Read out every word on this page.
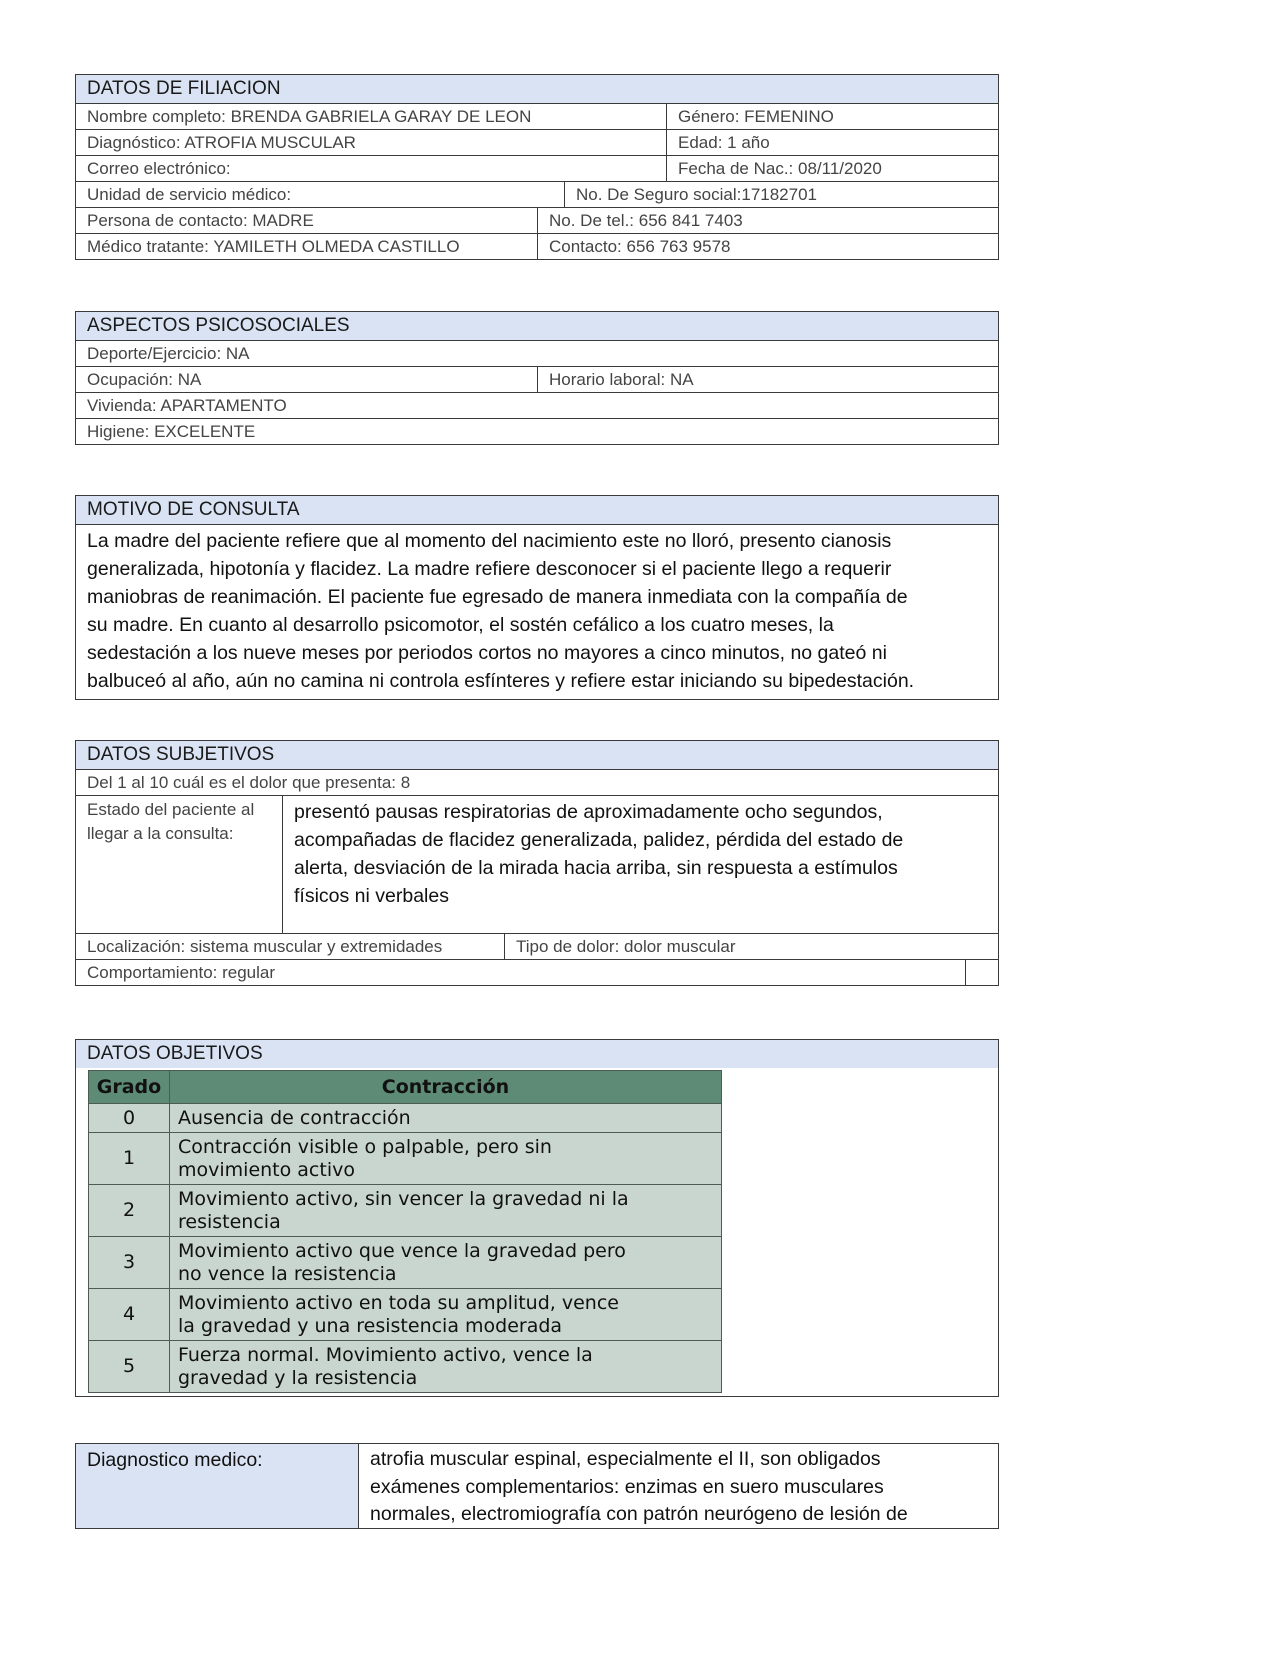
DATOS DE FILIACION
Nombre completo: BRENDA GABRIELA GARAY DE LEON	Género: FEMENINO
Diagnóstico: ATROFIA MUSCULAR	Edad: 1 año
Correo electrónico:	Fecha de Nac.: 08/11/2020
Unidad de servicio médico:	No. De Seguro social:17182701
Persona de contacto: MADRE	No. De tel.: 656 841 7403
Médico tratante: YAMILETH OLMEDA CASTILLO	Contacto: 656 763 9578
ASPECTOS PSICOSOCIALES
Deporte/Ejercicio: NA
Ocupación: NA	Horario laboral: NA
Vivienda: APARTAMENTO
Higiene: EXCELENTE
MOTIVO DE CONSULTA
La madre del paciente refiere que al momento del nacimiento este no lloró, presento cianosis
generalizada, hipotonía y flacidez. La madre refiere desconocer si el paciente llego a requerir
maniobras de reanimación. El paciente fue egresado de manera inmediata con la compañía de
su madre. En cuanto al desarrollo psicomotor, el sostén cefálico a los cuatro meses, la
sedestación a los nueve meses por periodos cortos no mayores a cinco minutos, no gateó ni
balbuceó al año, aún no camina ni controla esfínteres y refiere estar iniciando su bipedestación.
DATOS SUBJETIVOS
Del 1 al 10 cuál es el dolor que presenta: 8
Estado del paciente al
llegar a la consulta:
presentó pausas respiratorias de aproximadamente ocho segundos,
acompañadas de flacidez generalizada, palidez, pérdida del estado de
alerta, desviación de la mirada hacia arriba, sin respuesta a estímulos
físicos ni verbales
Localización: sistema muscular y extremidades	Tipo de dolor: dolor muscular
Comportamiento: regular
DATOS OBJETIVOS
Grado	Contracción
0	Ausencia de contracción

1	Contracción visible o palpable, pero sin
movimiento activo

2	Movimiento activo, sin vencer la gravedad ni la
resistencia

3	Movimiento activo que vence la gravedad pero
no vence la resistencia

4	Movimiento activo en toda su amplitud, vence
la gravedad y una resistencia moderada

5	Fuerza normal. Movimiento activo, vence la
gravedad y la resistencia
Diagnostico medico:	atrofia muscular espinal, especialmente el II, son obligados
exámenes complementarios: enzimas en suero musculares
normales, electromiografía con patrón neurógeno de lesión de
